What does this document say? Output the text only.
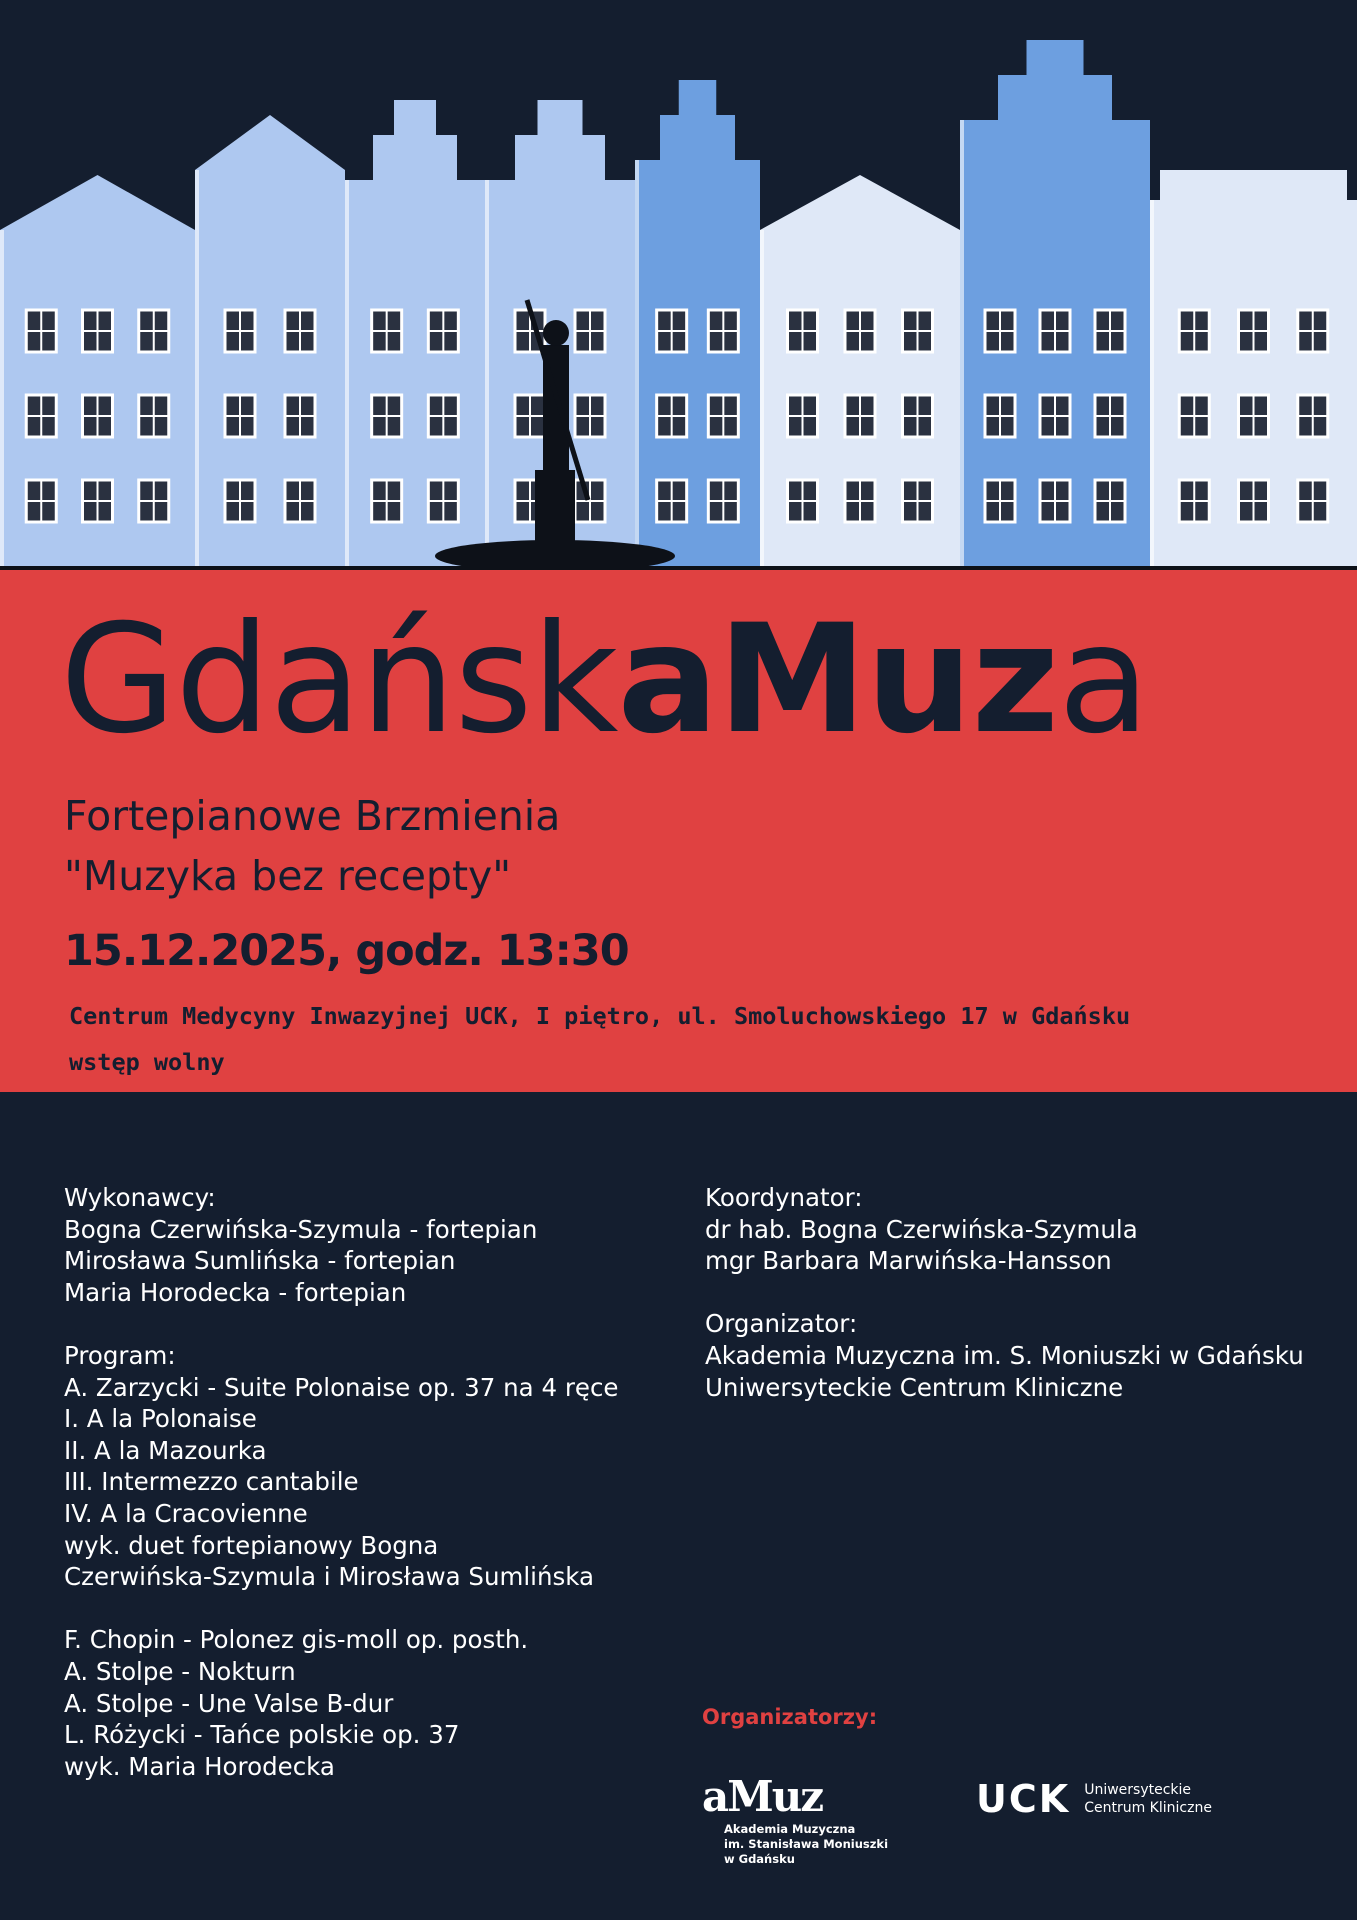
GdańskaMuza
Fortepianowe Brzmienia
"Muzyka bez recepty"
15.12.2025, godz. 13:30
Centrum Medycyny Inwazyjnej UCK, I piętro, ul. Smoluchowskiego 17 w Gdańsku
wstęp wolny

Wykonawcy:

Bogna Czerwińska-Szymula - fortepian

Mirosława Sumlińska - fortepian

Maria Horodecka - fortepian

Program:

A. Zarzycki - Suite Polonaise op. 37 na 4 ręce

I. A la Polonaise

II. A la Mazourka

III. Intermezzo cantabile

IV. A la Cracovienne

wyk. duet fortepianowy Bogna

Czerwińska-Szymula i Mirosława Sumlińska

F. Chopin - Polonez gis-moll op. posth.

A. Stolpe - Nokturn

A. Stolpe - Une Valse B-dur

L. Różycki - Tańce polskie op. 37

wyk. Maria Horodecka

Koordynator:

dr hab. Bogna Czerwińska-Szymula

mgr Barbara Marwińska-Hansson

Organizator:

Akademia Muzyczna im. S. Moniuszki w Gdańsku

Uniwersyteckie Centrum Kliniczne

Organizatorzy:
aMuz

Akademia Muzyczna

im. Stanisława Moniuszki

w Gdańsku

UCK Uniwersyteckie

Centrum Kliniczne
